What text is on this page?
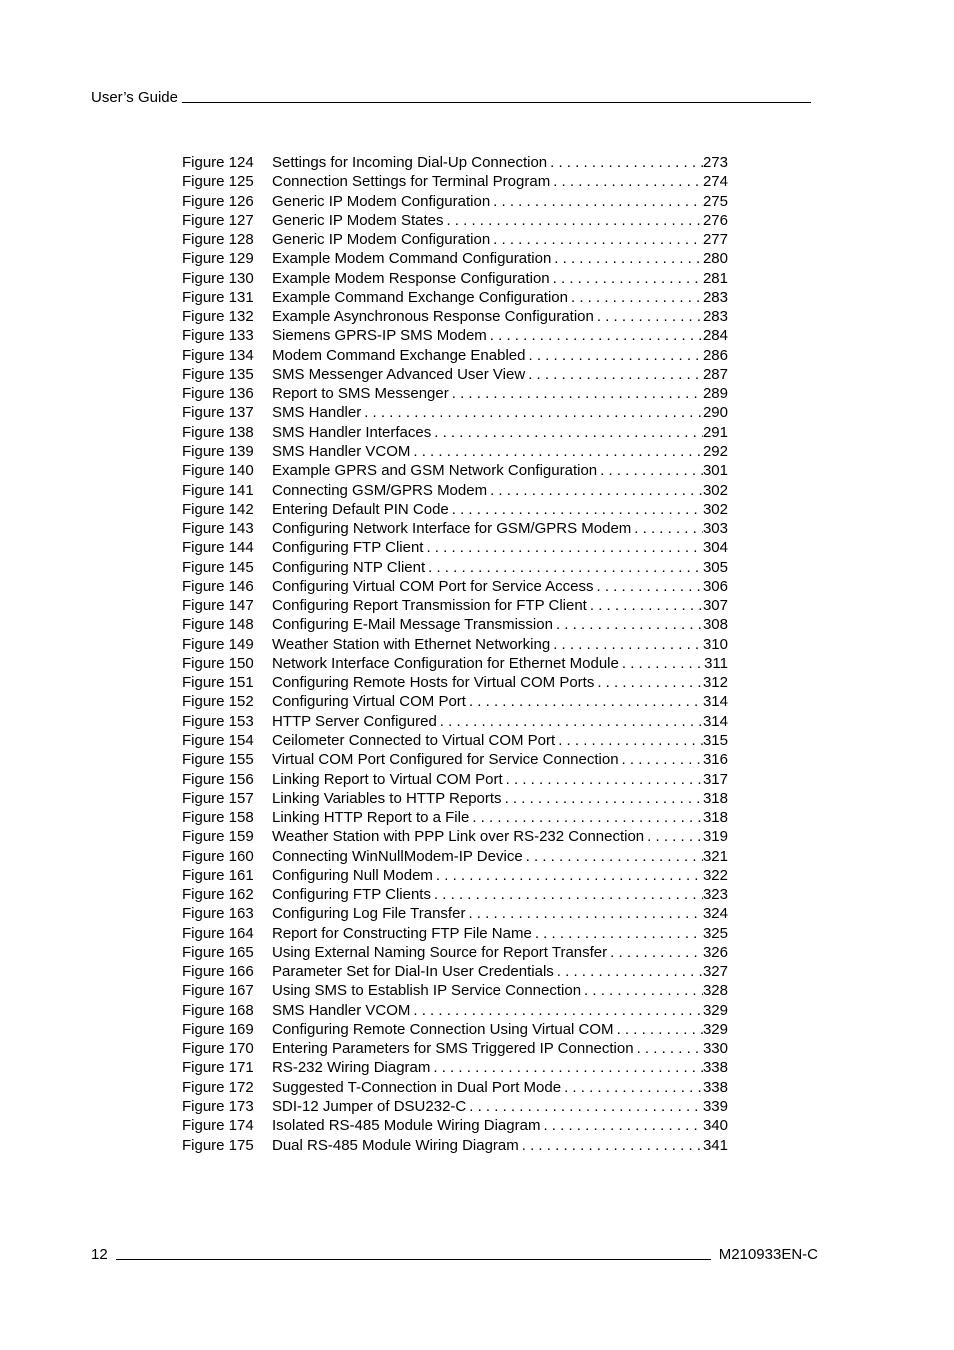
User’s Guide
Figure 124	Settings for Incoming Dial-Up Connection . . .	273
Figure 125	Connection Settings for Terminal Program . . .	274
Figure 126	Generic IP Modem Configuration . . .	275
Figure 127	Generic IP Modem States . . .	276
Figure 128	Generic IP Modem Configuration . . .	277
Figure 129	Example Modem Command Configuration . . .	280
Figure 130	Example Modem Response Configuration . . .	281
Figure 131	Example Command Exchange Configuration . . .	283
Figure 132	Example Asynchronous Response Configuration . . .	283
Figure 133	Siemens GPRS-IP SMS Modem . . .	284
Figure 134	Modem Command Exchange Enabled . . .	286
Figure 135	SMS Messenger Advanced User View . . .	287
Figure 136	Report to SMS Messenger . . .	289
Figure 137	SMS Handler . . .	290
Figure 138	SMS Handler Interfaces . . .	291
Figure 139	SMS Handler VCOM . . .	292
Figure 140	Example GPRS and GSM Network Configuration . . .	301
Figure 141	Connecting GSM/GPRS Modem . . .	302
Figure 142	Entering Default PIN Code . . .	302
Figure 143	Configuring Network Interface for GSM/GPRS Modem . . .	303
Figure 144	Configuring FTP Client . . .	304
Figure 145	Configuring NTP Client . . .	305
Figure 146	Configuring Virtual COM Port for Service Access . . .	306
Figure 147	Configuring Report Transmission for FTP Client . . .	307
Figure 148	Configuring E-Mail Message Transmission . . .	308
Figure 149	Weather Station with Ethernet Networking . . .	310
Figure 150	Network Interface Configuration for Ethernet Module . . .	311
Figure 151	Configuring Remote Hosts for Virtual COM Ports . . .	312
Figure 152	Configuring Virtual COM Port . . .	314
Figure 153	HTTP Server Configured . . .	314
Figure 154	Ceilometer Connected to Virtual COM Port . . .	315
Figure 155	Virtual COM Port Configured for Service Connection . . .	316
Figure 156	Linking Report to Virtual COM Port . . .	317
Figure 157	Linking Variables to HTTP Reports . . .	318
Figure 158	Linking HTTP Report to a File . . .	318
Figure 159	Weather Station with PPP Link over RS-232 Connection . . .	319
Figure 160	Connecting WinNullModem-IP Device . . .	321
Figure 161	Configuring Null Modem . . .	322
Figure 162	Configuring FTP Clients . . .	323
Figure 163	Configuring Log File Transfer . . .	324
Figure 164	Report for Constructing FTP File Name . . .	325
Figure 165	Using External Naming Source for Report Transfer . . .	326
Figure 166	Parameter Set for Dial-In User Credentials . . .	327
Figure 167	Using SMS to Establish IP Service Connection . . .	328
Figure 168	SMS Handler VCOM . . .	329
Figure 169	Configuring Remote Connection Using Virtual COM . . .	329
Figure 170	Entering Parameters for SMS Triggered IP Connection . . .	330
Figure 171	RS-232 Wiring Diagram . . .	338
Figure 172	Suggested T-Connection in Dual Port Mode . . .	338
Figure 173	SDI-12 Jumper of DSU232-C . . .	339
Figure 174	Isolated RS-485 Module Wiring Diagram . . .	340
Figure 175	Dual RS-485 Module Wiring Diagram . . .	341
12	M210933EN-C
